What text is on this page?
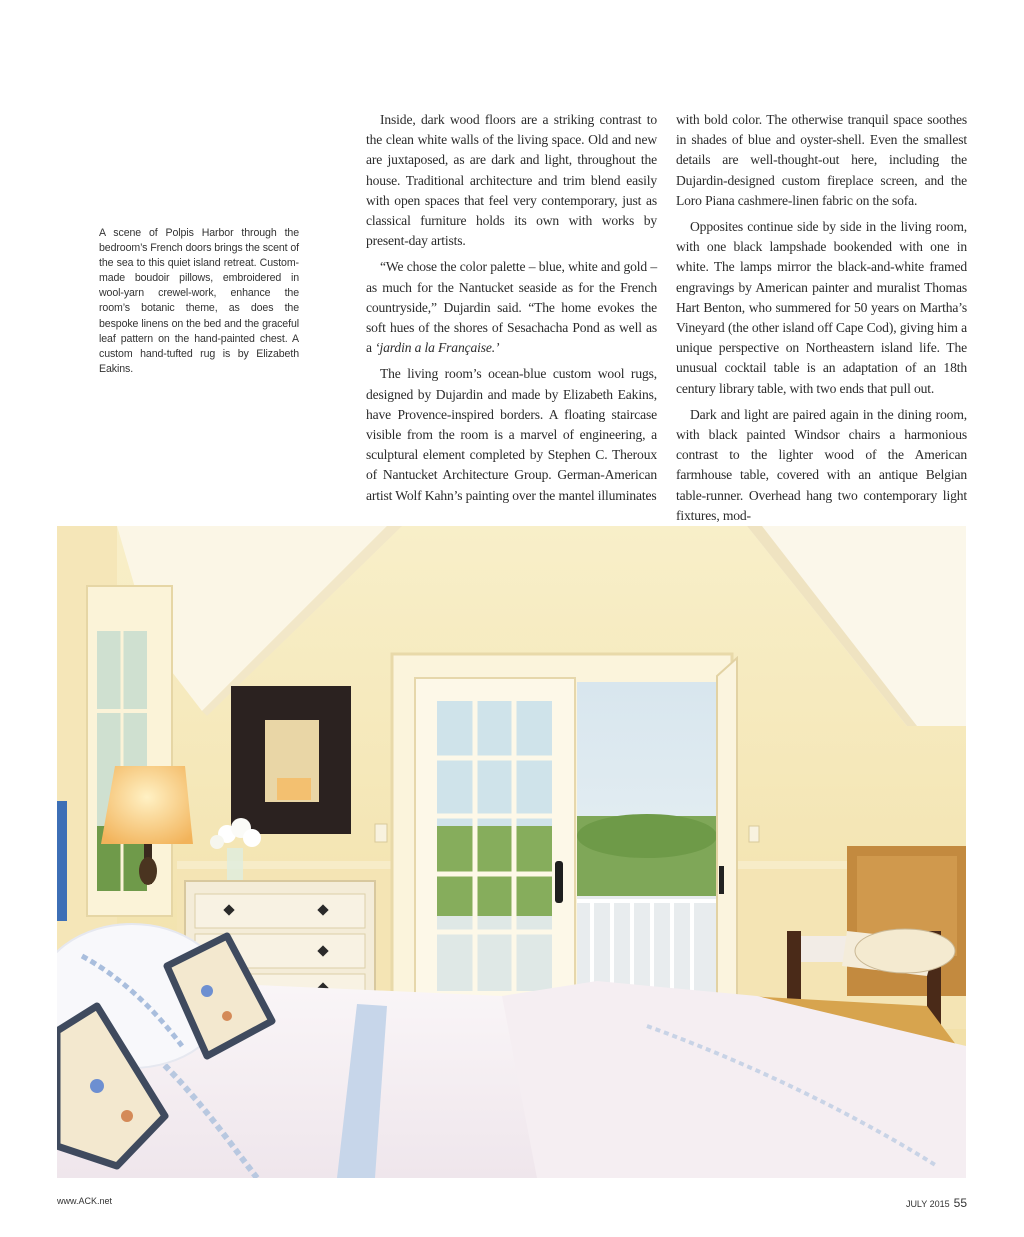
A scene of Polpis Harbor through the bedroom’s French doors brings the scent of the sea to this quiet island retreat. Custom-made boudoir pillows, embroidered in wool-yarn crewel-work, enhance the room’s botanic theme, as does the bespoke linens on the bed and the graceful leaf pattern on the hand-painted chest. A custom hand-tufted rug is by Elizabeth Eakins.

Inside, dark wood floors are a striking contrast to the clean white walls of the living space. Old and new are juxtaposed, as are dark and light, throughout the house. Traditional architecture and trim blend easily with open spaces that feel very contemporary, just as classical furniture holds its own with works by present-day artists.

“We chose the color palette – blue, white and gold – as much for the Nantucket seaside as for the French countryside,” Dujardin said. “The home evokes the soft hues of the shores of Sesachacha Pond as well as a ‘jardin a la Française.’

The living room’s ocean-blue custom wool rugs, designed by Dujardin and made by Elizabeth Eakins, have Provence-inspired borders. A floating staircase visible from the room is a marvel of engineering, a sculptural element completed by Stephen C. Theroux of Nantucket Architecture Group. German-American artist Wolf Kahn’s painting over the mantel illuminates

with bold color. The otherwise tranquil space soothes in shades of blue and oyster-shell. Even the smallest details are well-thought-out here, including the Dujardin-designed custom fireplace screen, and the Loro Piana cashmere-linen fabric on the sofa.

Opposites continue side by side in the living room, with one black lampshade bookended with one in white. The lamps mirror the black-and-white framed engravings by American painter and muralist Thomas Hart Benton, who summered for 50 years on Martha’s Vineyard (the other island off Cape Cod), giving him a unique perspective on Northeastern island life. The unusual cocktail table is an adaptation of an 18th century library table, with two ends that pull out.

Dark and light are paired again in the dining room, with black painted Windsor chairs a harmonious contrast to the lighter wood of the American farmhouse table, covered with an antique Belgian table-runner. Overhead hang two contemporary light fixtures, mod-

www.ACK.net	JULY 2015 55
